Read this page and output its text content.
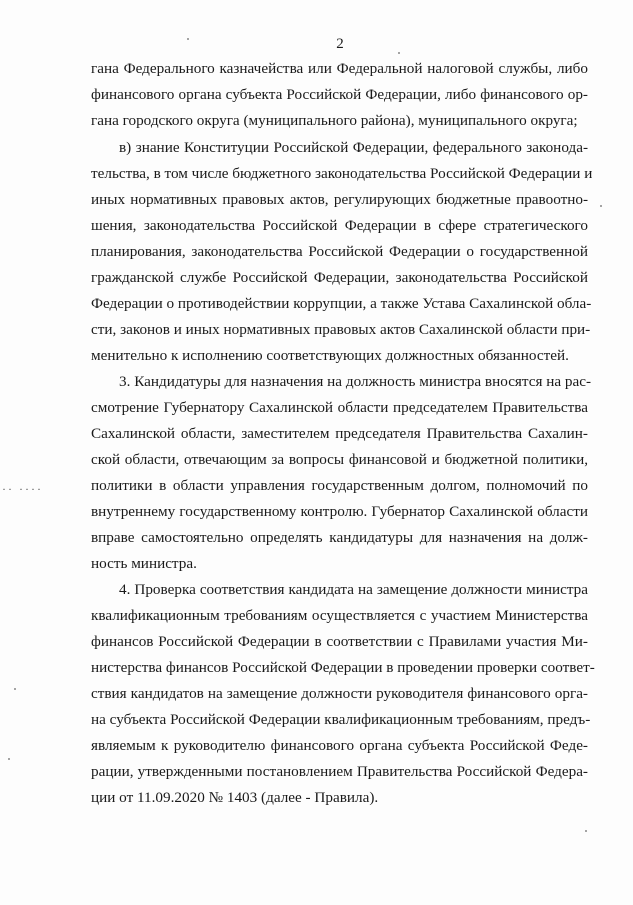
2
·· ····
гана Федерального казначейства или Федеральной налоговой службы, либо
финансового органа субъекта Российской Федерации, либо финансового ор-
гана городского округа (муниципального района), муниципального округа;
в) знание Конституции Российской Федерации, федерального законода-
тельства, в том числе бюджетного законодательства Российской Федерации и
иных нормативных правовых актов, регулирующих бюджетные правоотно-
шения, законодательства Российской Федерации в сфере стратегического
планирования, законодательства Российской Федерации о государственной
гражданской службе Российской Федерации, законодательства Российской
Федерации о противодействии коррупции, а также Устава Сахалинской обла-
сти, законов и иных нормативных правовых актов Сахалинской области при-
менительно к исполнению соответствующих должностных обязанностей.
3. Кандидатуры для назначения на должность министра вносятся на рас-
смотрение Губернатору Сахалинской области председателем Правительства
Сахалинской области, заместителем председателя Правительства Сахалин-
ской области, отвечающим за вопросы финансовой и бюджетной политики,
политики в области управления государственным долгом, полномочий по
внутреннему государственному контролю. Губернатор Сахалинской области
вправе самостоятельно определять кандидатуры для назначения на долж-
ность министра.
4. Проверка соответствия кандидата на замещение должности министра
квалификационным требованиям осуществляется с участием Министерства
финансов Российской Федерации в соответствии с Правилами участия Ми-
нистерства финансов Российской Федерации в проведении проверки соответ-
ствия кандидатов на замещение должности руководителя финансового орга-
на субъекта Российской Федерации квалификационным требованиям, предъ-
являемым к руководителю финансового органа субъекта Российской Феде-
рации, утвержденными постановлением Правительства Российской Федера-
ции от 11.09.2020 № 1403 (далее - Правила).
